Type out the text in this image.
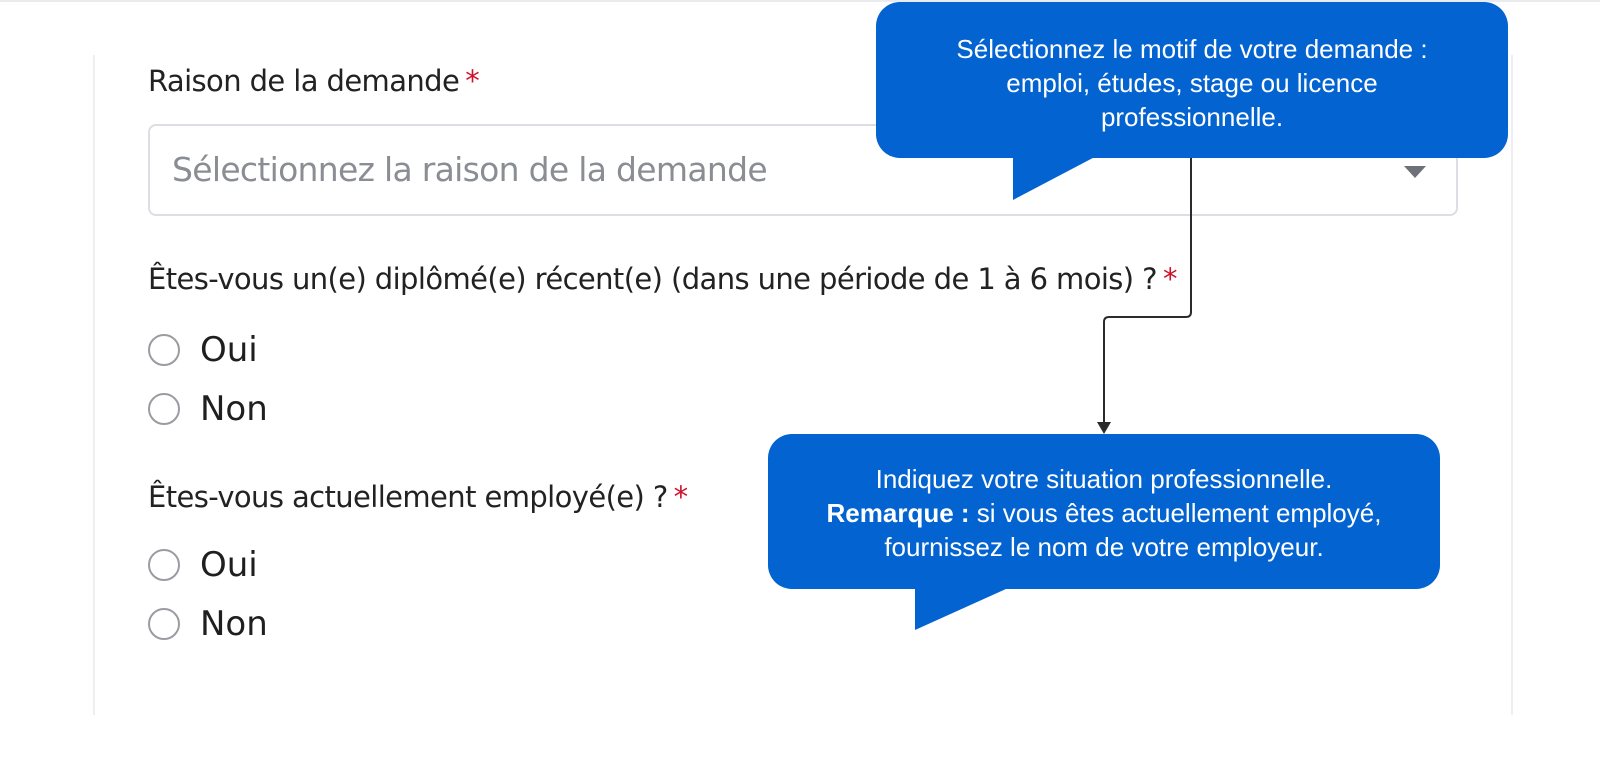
Raison de la demande *
Sélectionnez la raison de la demande
Êtes-vous un(e) diplômé(e) récent(e) (dans une période de 1 à 6 mois) ? *
Oui
Non
Êtes-vous actuellement employé(e) ? *
Oui
Non
Sélectionnez le motif de votre demande :
emploi, études, stage ou licence
professionnelle.
Indiquez votre situation professionnelle.
Remarque : si vous êtes actuellement employé,
fournissez le nom de votre employeur.
